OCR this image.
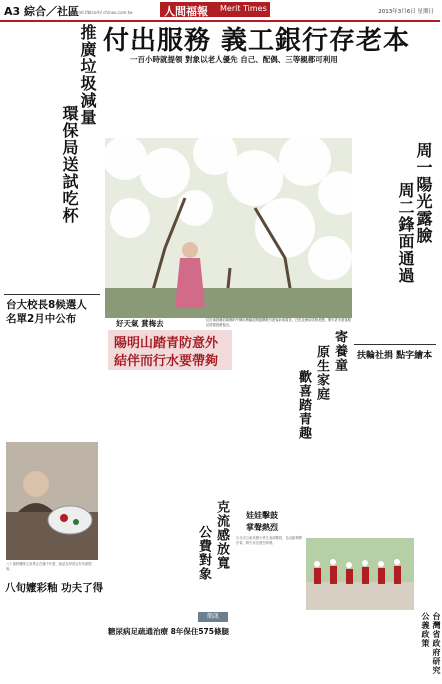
A3 綜合／社區
ealis.mt.lfbtcorh/ chinau.com.tw	人間福報 Merit Times	2013年3月6日 星期日
推廣垃圾減量
環保局送試吃杯
台大校長8候選人
名單2月中公布
八十歲阿嬤陳玉真專注在盤中作畫，她認為學習沒有年齡限制。
八旬嬤彩釉 功夫了得
付出服務 義工銀行存老本
一百小時就提領 對象以老人優先 自己、配偶、三等親都可利用
周一陽光露臉
周二鋒面通過
扶輪社捐 點字繪本
好天氣 賞梅去	位於南投縣信義鄉的牛稠坑梅園花開盛開吸引遊客前來賞花，白色花海如雪般美麗，吸引許多遊客駐足欣賞拍照留念。
陽明山踏青防意外
結伴而行水要帶夠	寄養童
原生家庭
歡喜踏青趣
克流感放寬
公費對象
簡訊
糖尿病足疏通治療 8年保住575條腿
娃娃擊鼓
掌聲熱烈
台北市立新民國小學生表演擊鼓，為活動揭開序幕，吸引家長熱烈掌聲。
台灣省政府研究公義政策
